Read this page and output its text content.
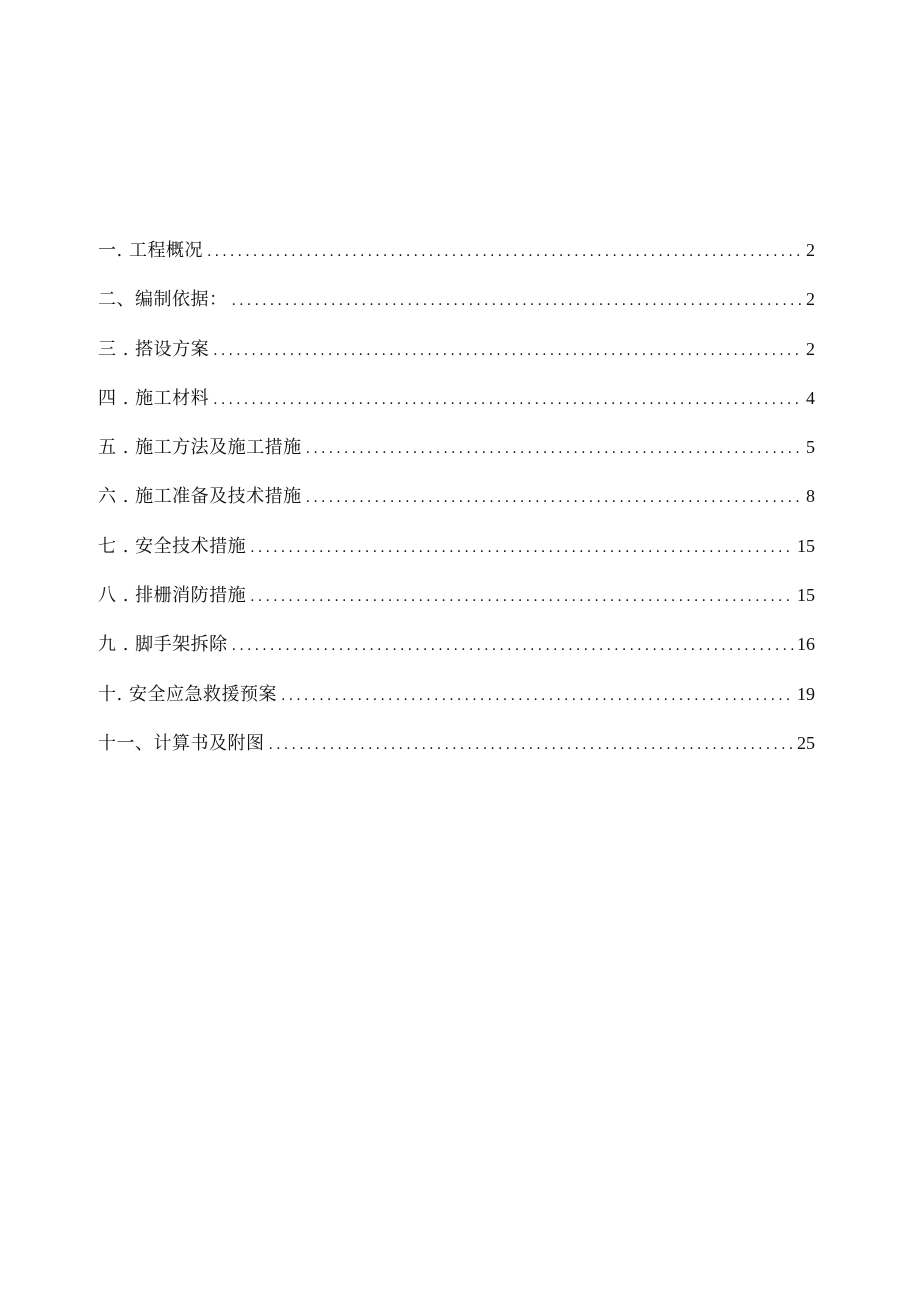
一. 工程概况 .....	2
二、编制依据： .....	2
三 . 搭设方案 .....	2
四 . 施工材料 .....	4
五 . 施工方法及施工措施 .....	5
六 . 施工准备及技术措施 .....	8
七 . 安全技术措施 .....	15
八 . 排栅消防措施 .....	15
九 . 脚手架拆除 .....	16
十. 安全应急救援预案 .....	19
十一、计算书及附图 .....	25
